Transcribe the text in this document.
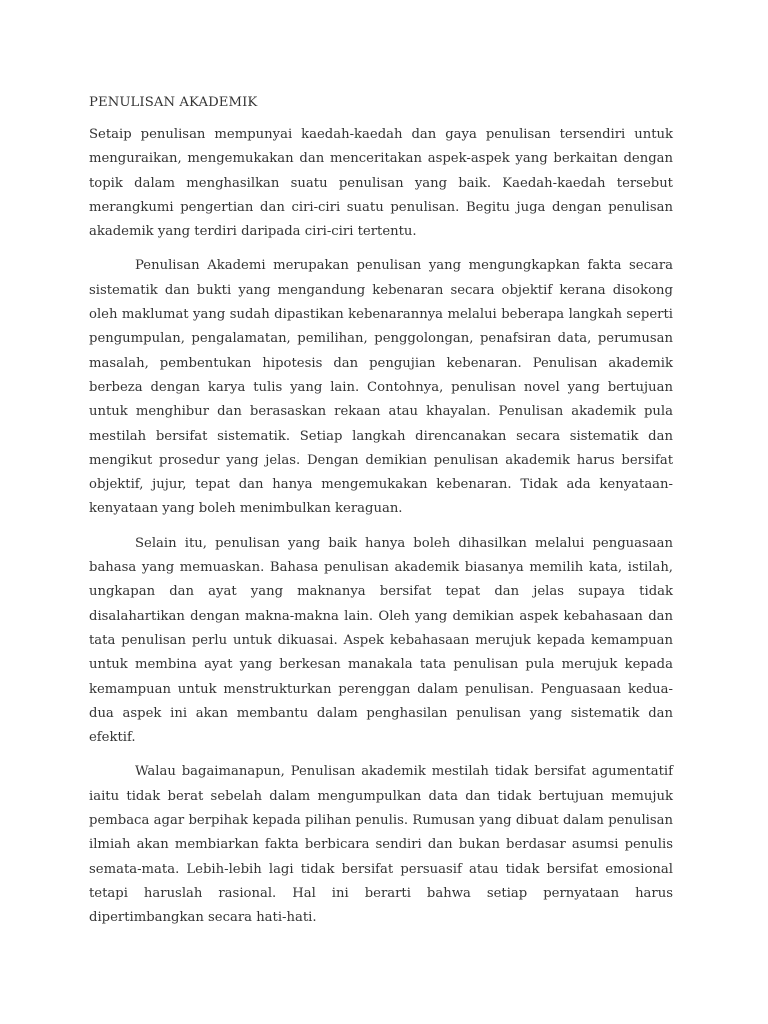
PENULISAN AKADEMIK

Setaip penulisan mempunyai kaedah-kaedah dan gaya penulisan tersendiri untuk menguraikan, mengemukakan dan menceritakan aspek-aspek yang berkaitan dengan topik dalam menghasilkan suatu penulisan yang baik. Kaedah-kaedah tersebut merangkumi pengertian dan ciri-ciri suatu penulisan. Begitu juga dengan penulisan akademik yang terdiri daripada ciri-ciri tertentu.

Penulisan Akademi merupakan penulisan yang mengungkapkan fakta secara sistematik dan bukti yang mengandung kebenaran secara objektif kerana disokong oleh maklumat yang sudah dipastikan kebenarannya melalui beberapa langkah seperti pengumpulan, pengalamatan, pemilihan, penggolongan, penafsiran data, perumusan masalah, pembentukan hipotesis dan pengujian kebenaran. Penulisan akademik berbeza dengan karya tulis yang lain. Contohnya, penulisan novel yang bertujuan untuk menghibur dan berasaskan rekaan atau khayalan. Penulisan akademik pula mestilah bersifat sistematik. Setiap langkah direncanakan secara sistematik dan mengikut prosedur yang jelas. Dengan demikian penulisan akademik harus bersifat objektif, jujur, tepat dan hanya mengemukakan kebenaran. Tidak ada kenyataan-kenyataan yang boleh menimbulkan keraguan.

Selain itu, penulisan yang baik hanya boleh dihasilkan melalui penguasaan bahasa yang memuaskan. Bahasa penulisan akademik biasanya memilih kata, istilah, ungkapan dan ayat yang maknanya bersifat tepat dan jelas supaya tidak disalahartikan dengan makna-makna lain. Oleh yang demikian aspek kebahasaan dan tata penulisan perlu untuk dikuasai. Aspek kebahasaan merujuk kepada kemampuan untuk membina ayat yang berkesan manakala tata penulisan pula merujuk kepada kemampuan untuk menstrukturkan perenggan dalam penulisan. Penguasaan kedua-dua aspek ini akan membantu dalam penghasilan penulisan yang sistematik dan efektif.

Walau bagaimanapun, Penulisan akademik mestilah tidak bersifat agumentatif iaitu tidak berat sebelah dalam mengumpulkan data dan tidak bertujuan memujuk pembaca agar berpihak kepada pilihan penulis. Rumusan yang dibuat dalam penulisan ilmiah akan membiarkan fakta berbicara sendiri dan bukan berdasar asumsi penulis semata-mata. Lebih-lebih lagi tidak bersifat persuasif atau tidak bersifat emosional tetapi haruslah rasional. Hal ini berarti bahwa setiap pernyataan harus dipertimbangkan secara hati-hati.
